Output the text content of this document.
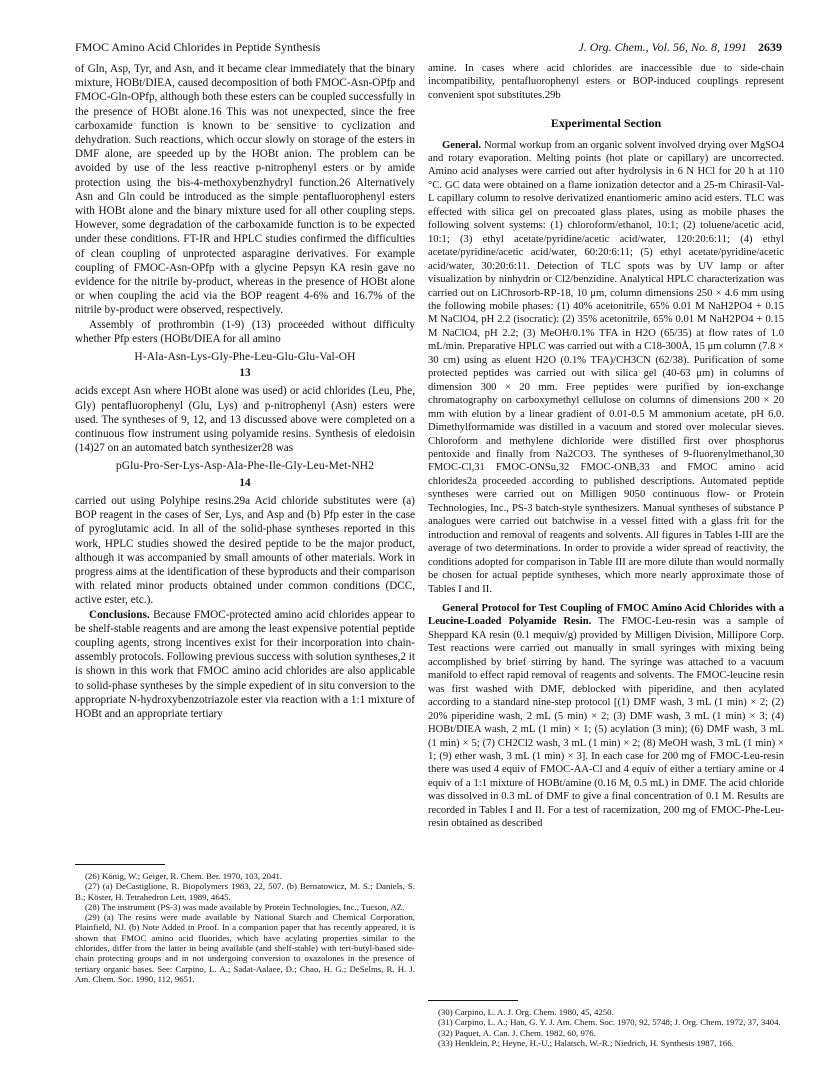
FMOC Amino Acid Chlorides in Peptide Synthesis	J. Org. Chem., Vol. 56, No. 8, 1991 2639

of Gln, Asp, Tyr, and Asn, and it became clear immediately that the binary mixture, HOBt/DIEA, caused decomposition of both FMOC-Asn-OPfp and FMOC-Gln-OPfp, although both these esters can be coupled successfully in the presence of HOBt alone.16 This was not unexpected, since the free carboxamide function is known to be sensitive to cyclization and dehydration. Such reactions, which occur slowly on storage of the esters in DMF alone, are speeded up by the HOBt anion. The problem can be avoided by use of the less reactive p-nitrophenyl esters or by amide protection using the bis-4-methoxybenzhydryl function.26 Alternatively Asn and Gln could be introduced as the simple pentafluorophenyl esters with HOBt alone and the binary mixture used for all other coupling steps. However, some degradation of the carboxamide function is to be expected under these conditions. FT-IR and HPLC studies confirmed the difficulties of clean coupling of unprotected asparagine derivatives. For example coupling of FMOC-Asn-OPfp with a glycine Pepsyn KA resin gave no evidence for the nitrile by-product, whereas in the presence of HOBt alone or when coupling the acid via the BOP reagent 4-6% and 16.7% of the nitrile by-product were observed, respectively.

Assembly of prothrombin (1-9) (13) proceeded without difficulty whether Pfp esters (HOBt/DIEA for all amino

H-Ala-Asn-Lys-Gly-Phe-Leu-Glu-Glu-Val-OH
13

acids except Asn where HOBt alone was used) or acid chlorides (Leu, Phe, Gly) pentafluorophenyl (Glu, Lys) and p-nitrophenyl (Asn) esters were used. The syntheses of 9, 12, and 13 discussed above were completed on a continuous flow instrument using polyamide resins. Synthesis of eledoisin (14)27 on an automated batch synthesizer28 was

pGlu-Pro-Ser-Lys-Asp-Ala-Phe-Ile-Gly-Leu-Met-NH2
14

carried out using Polyhipe resins.29a Acid chloride substitutes were (a) BOP reagent in the cases of Ser, Lys, and Asp and (b) Pfp ester in the case of pyroglutamic acid. In all of the solid-phase syntheses reported in this work, HPLC studies showed the desired peptide to be the major product, although it was accompanied by small amounts of other materials. Work in progress aims at the identification of these byproducts and their comparison with related minor products obtained under common conditions (DCC, active ester, etc.).

Conclusions. Because FMOC-protected amino acid chlorides appear to be shelf-stable reagents and are among the least expensive potential peptide coupling agents, strong incentives exist for their incorporation into chain-assembly protocols. Following previous success with solution syntheses,2 it is shown in this work that FMOC amino acid chlorides are also applicable to solid-phase syntheses by the simple expedient of in situ conversion to the appropriate N-hydroxybenzotriazole ester via reaction with a 1:1 mixture of HOBt and an appropriate tertiary

(26) König, W.; Geiger, R. Chem. Ber. 1970, 103, 2041.

(27) (a) DeCastiglione, R. Biopolymers 1983, 22, 507. (b) Bernatowicz, M. S.; Daniels, S. B.; Köster, H. Tetrahedron Lett. 1989, 4645.

(28) The instrument (PS-3) was made available by Protein Technologies, Inc., Tucson, AZ.

(29) (a) The resins were made available by National Starch and Chemical Corporation, Plainfield, NJ. (b) Note Added in Proof. In a companion paper that has recently appeared, it is shown that FMOC amino acid fluorides, which have acylating properties similar to the chlorides, differ from the latter in being available (and shelf-stable) with tert-butyl-based side-chain protecting groups and in not undergoing conversion to oxazolones in the presence of tertiary organic bases. See: Carpino, L. A.; Sadat-Aalaee, D.; Chao, H. G.; DeSelms, R. H. J. Am. Chem. Soc. 1990, 112, 9651.

amine. In cases where acid chlorides are inaccessible due to side-chain incompatibility, pentafluorophenyl esters or BOP-induced couplings represent convenient spot substitutes.29b

Experimental Section

General. Normal workup from an organic solvent involved drying over MgSO4 and rotary evaporation. Melting points (hot plate or capillary) are uncorrected. Amino acid analyses were carried out after hydrolysis in 6 N HCl for 20 h at 110 °C. GC data were obtained on a flame ionization detector and a 25-m Chirasil-Val-L capillary column to resolve derivatized enantiomeric amino acid esters. TLC was effected with silica gel on precoated glass plates, using as mobile phases the following solvent systems: (1) chloroform/ethanol, 10:1; (2) toluene/acetic acid, 10:1; (3) ethyl acetate/pyridine/acetic acid/water, 120:20:6:11; (4) ethyl acetate/pyridine/acetic acid/water, 60:20:6:11; (5) ethyl acetate/pyridine/acetic acid/water, 30:20:6:11. Detection of TLC spots was by UV lamp or after visualization by ninhydrin or Cl2/benzidine. Analytical HPLC characterization was carried out on LiChrosorb-RP-18, 10 μm, column dimensions 250 × 4.6 mm using the following mobile phases: (1) 40% acetonitrile, 65% 0.01 M NaH2PO4 + 0.15 M NaClO4, pH 2.2 (isocratic): (2) 35% acetonitrile, 65% 0.01 M NaH2PO4 + 0.15 M NaClO4, pH 2.2; (3) MeOH/0.1% TFA in H2O (65/35) at flow rates of 1.0 mL/min. Preparative HPLC was carried out with a C18-300Å, 15 μm column (7.8 × 30 cm) using as eluent H2O (0.1% TFA)/CH3CN (62/38). Purification of some protected peptides was carried out with silica gel (40-63 μm) in columns of dimension 300 × 20 mm. Free peptides were purified by ion-exchange chromatography on carboxymethyl cellulose on columns of dimensions 200 × 20 mm with elution by a linear gradient of 0.01-0.5 M ammonium acetate, pH 6.0. Dimethylformamide was distilled in a vacuum and stored over molecular sieves. Chloroform and methylene dichloride were distilled first over phosphorus pentoxide and finally from Na2CO3. The syntheses of 9-fluorenylmethanol,30 FMOC-Cl,31 FMOC-ONSu,32 FMOC-ONB,33 and FMOC amino acid chlorides2a proceeded according to published descriptions. Automated peptide syntheses were carried out on Milligen 9050 continuous flow- or Protein Technologies, Inc., PS-3 batch-style synthesizers. Manual syntheses of substance P analogues were carried out batchwise in a vessel fitted with a glass frit for the introduction and removal of reagents and solvents. All figures in Tables I-III are the average of two determinations. In order to provide a wider spread of reactivity, the conditions adopted for comparison in Table III are more dilute than would normally be chosen for actual peptide syntheses, which more nearly approximate those of Tables I and II.

General Protocol for Test Coupling of FMOC Amino Acid Chlorides with a Leucine-Loaded Polyamide Resin. The FMOC-Leu-resin was a sample of Sheppard KA resin (0.1 mequiv/g) provided by Milligen Division, Millipore Corp. Test reactions were carried out manually in small syringes with mixing being accomplished by brief stirring by hand. The syringe was attached to a vacuum manifold to effect rapid removal of reagents and solvents. The FMOC-leucine resin was first washed with DMF, deblocked with piperidine, and then acylated according to a standard nine-step protocol [(1) DMF wash, 3 mL (1 min) × 2; (2) 20% piperidine wash, 2 mL (5 min) × 2; (3) DMF wash, 3 mL (1 min) × 3; (4) HOBt/DIEA wash, 2 mL (1 min) × 1; (5) acylation (3 min); (6) DMF wash, 3 mL (1 min) × 5; (7) CH2Cl2 wash, 3 mL (1 min) × 2; (8) MeOH wash, 3 mL (1 min) × 1; (9) ether wash, 3 mL (1 min) × 3]. In each case for 200 mg of FMOC-Leu-resin there was used 4 equiv of FMOC-AA-Cl and 4 equiv of either a tertiary amine or 4 equiv of a 1:1 mixture of HOBt/amine (0.16 M, 0.5 mL) in DMF. The acid chloride was dissolved in 0.3 mL of DMF to give a final concentration of 0.1 M. Results are recorded in Tables I and II. For a test of racemization, 200 mg of FMOC-Phe-Leu-resin obtained as described

(30) Carpino, L. A. J. Org. Chem. 1980, 45, 4250.

(31) Carpino, L. A.; Han, G. Y. J. Am. Chem. Soc. 1970, 92, 5748; J. Org. Chem. 1972, 37, 3404.

(32) Paquet, A. Can. J. Chem. 1982, 60, 976.

(33) Henklein, P.; Heyne, H.-U.; Halatsch, W.-R.; Niedrich, H. Synthesis 1987, 166.
